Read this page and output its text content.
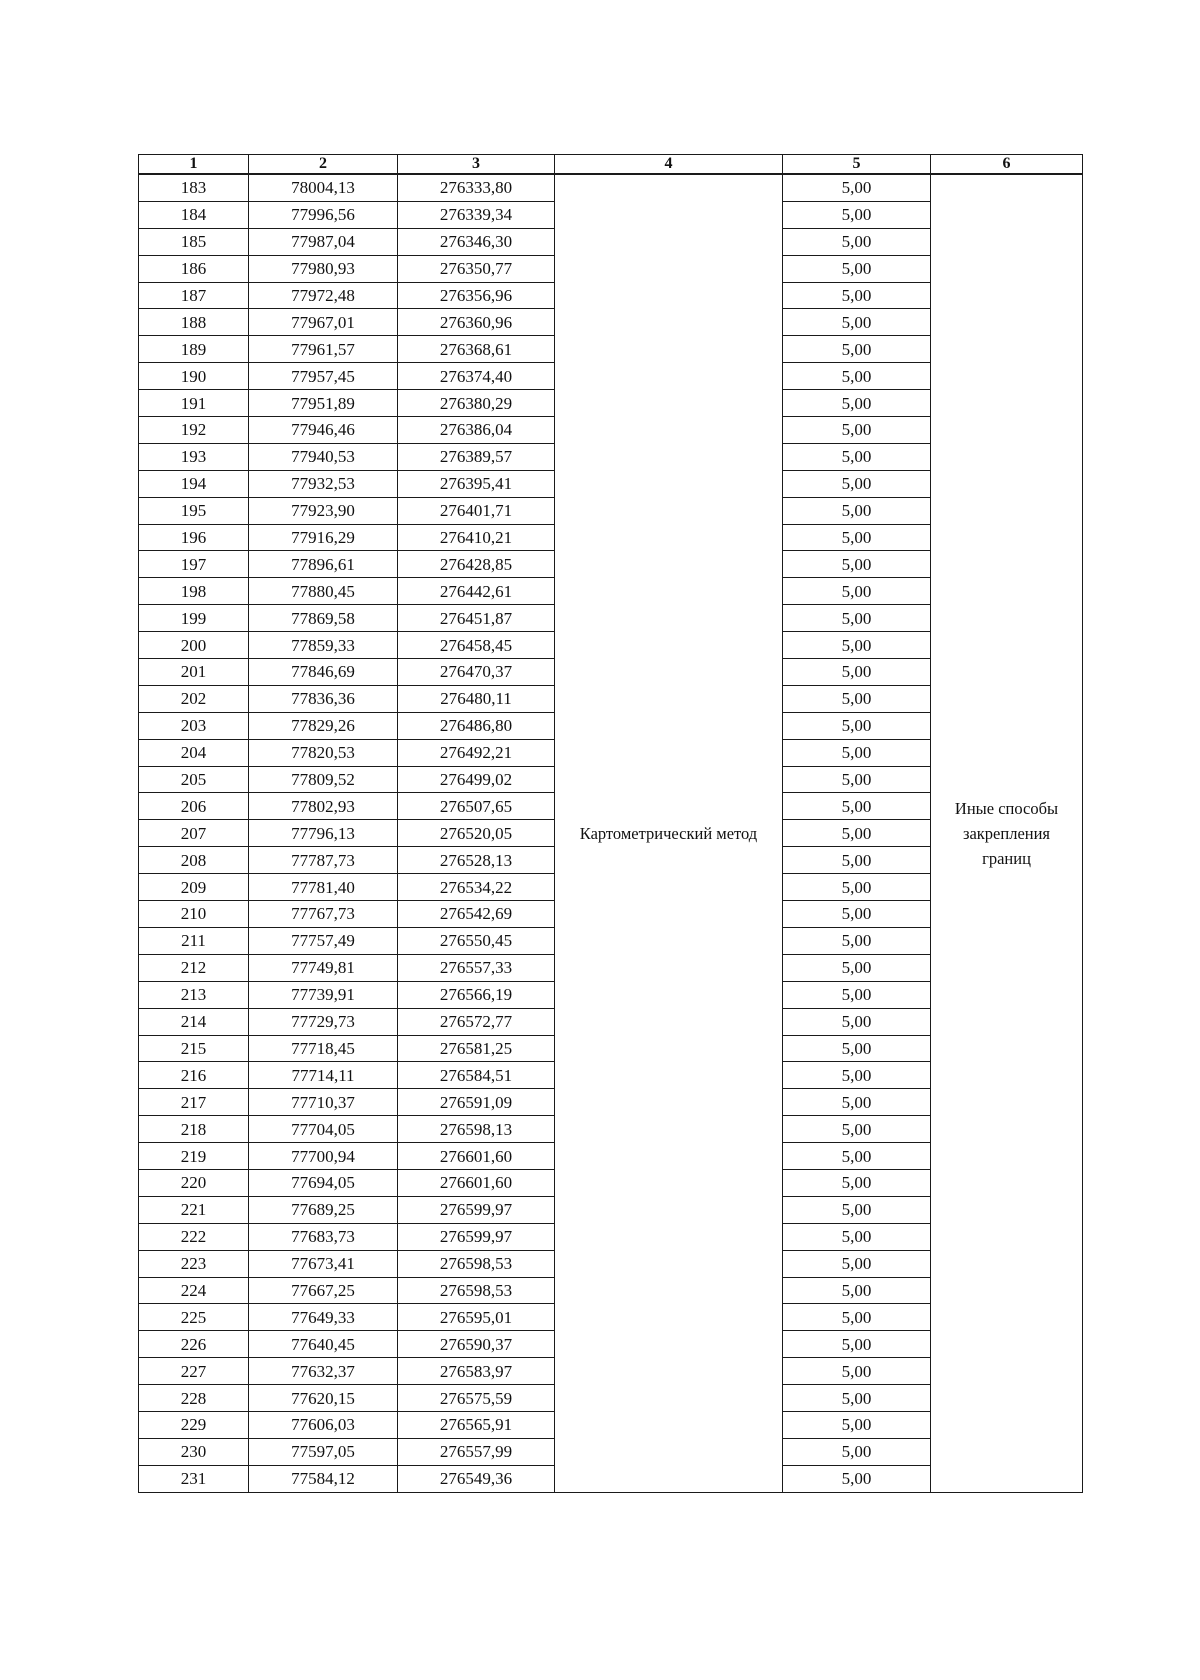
1	2	3	4	5	6
183	78004,13	276333,80	Картометрический метод	5,00	Иные способы закрепления границ
184	77996,56	276339,34		5,00	
185	77987,04	276346,30		5,00	
186	77980,93	276350,77		5,00	
187	77972,48	276356,96		5,00	
188	77967,01	276360,96		5,00	
189	77961,57	276368,61		5,00	
190	77957,45	276374,40		5,00	
191	77951,89	276380,29		5,00	
192	77946,46	276386,04		5,00	
193	77940,53	276389,57		5,00	
194	77932,53	276395,41		5,00	
195	77923,90	276401,71		5,00	
196	77916,29	276410,21		5,00	
197	77896,61	276428,85		5,00	
198	77880,45	276442,61		5,00	
199	77869,58	276451,87		5,00	
200	77859,33	276458,45		5,00	
201	77846,69	276470,37		5,00	
202	77836,36	276480,11		5,00	
203	77829,26	276486,80		5,00	
204	77820,53	276492,21		5,00	
205	77809,52	276499,02		5,00	
206	77802,93	276507,65		5,00	
207	77796,13	276520,05		5,00	
208	77787,73	276528,13		5,00	
209	77781,40	276534,22		5,00	
210	77767,73	276542,69		5,00	
211	77757,49	276550,45		5,00	
212	77749,81	276557,33		5,00	
213	77739,91	276566,19		5,00	
214	77729,73	276572,77		5,00	
215	77718,45	276581,25		5,00	
216	77714,11	276584,51		5,00	
217	77710,37	276591,09		5,00	
218	77704,05	276598,13		5,00	
219	77700,94	276601,60		5,00	
220	77694,05	276601,60		5,00	
221	77689,25	276599,97		5,00	
222	77683,73	276599,97		5,00	
223	77673,41	276598,53		5,00	
224	77667,25	276598,53		5,00	
225	77649,33	276595,01		5,00	
226	77640,45	276590,37		5,00	
227	77632,37	276583,97		5,00	
228	77620,15	276575,59		5,00	
229	77606,03	276565,91		5,00	
230	77597,05	276557,99		5,00	
231	77584,12	276549,36		5,00	
